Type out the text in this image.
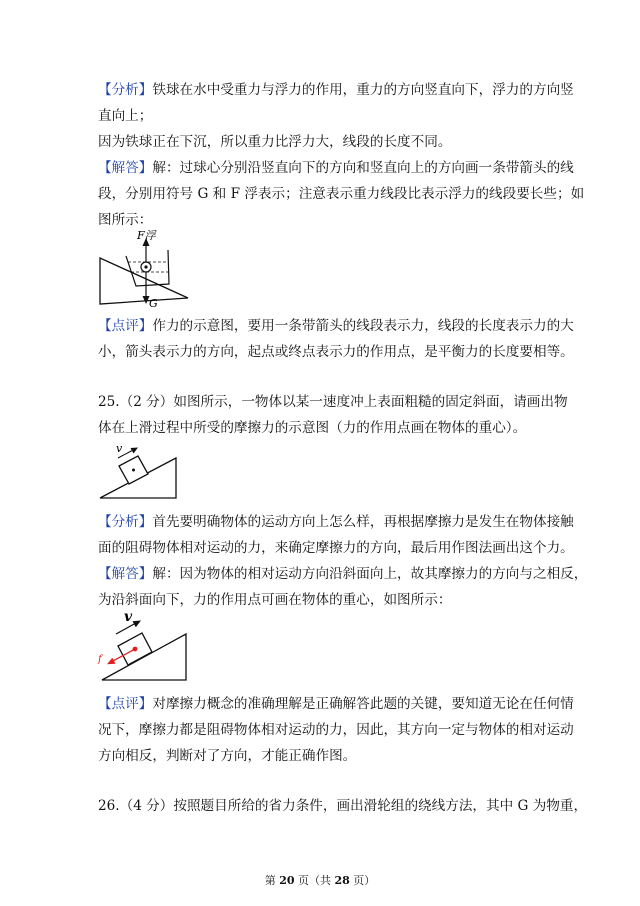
【分析】铁球在水中受重力与浮力的作用，重力的方向竖直向下，浮力的方向竖
直向上；
因为铁球正在下沉，所以重力比浮力大，线段的长度不同。
【解答】解：过球心分别沿竖直向下的方向和竖直向上的方向画一条带箭头的线
段，分别用符号 G 和 F 浮表示；注意表示重力线段比表示浮力的线段要长些；如
图所示：
F浮
G
【点评】作力的示意图，要用一条带箭头的线段表示力，线段的长度表示力的大
小，箭头表示力的方向，起点或终点表示力的作用点，是平衡力的长度要相等。
25.（2 分）如图所示，一物体以某一速度冲上表面粗糙的固定斜面，请画出物
体在上滑过程中所受的摩擦力的示意图（力的作用点画在物体的重心）。
v
【分析】首先要明确物体的运动方向上怎么样，再根据摩擦力是发生在物体接触
面的阻碍物体相对运动的力，来确定摩擦力的方向，最后用作图法画出这个力。
【解答】解：因为物体的相对运动方向沿斜面向上，故其摩擦力的方向与之相反，
为沿斜面向下，力的作用点可画在物体的重心，如图所示：
v
f
【点评】对摩擦力概念的准确理解是正确解答此题的关键，要知道无论在任何情
况下，摩擦力都是阻碍物体相对运动的力，因此，其方向一定与物体的相对运动
方向相反，判断对了方向，才能正确作图。
26.（4 分）按照题目所给的省力条件，画出滑轮组的绕线方法，其中 G 为物重，
第 20 页（共 28 页）
